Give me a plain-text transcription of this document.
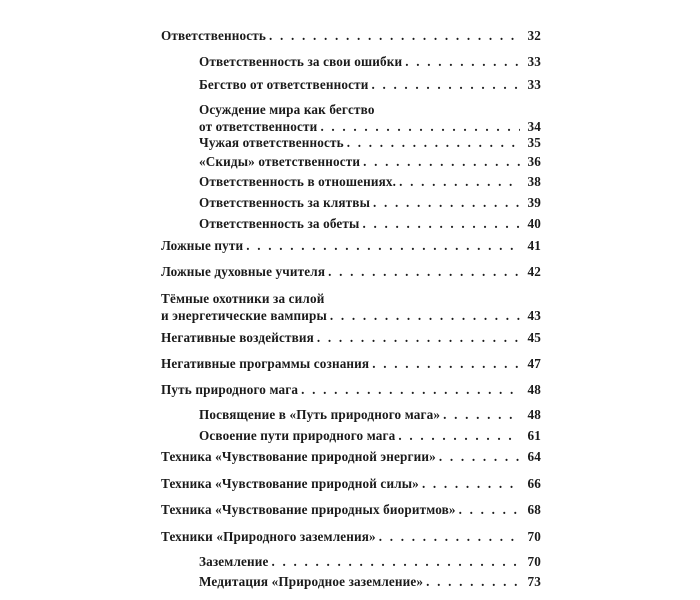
Ответственность . . .	32
Ответственность за свои ошибки . . .	33
Бегство от ответственности . . .	33
Осуждение мира как бегство
от ответственности . . .	34
Чужая ответственность . . .	35
«Скиды» ответственности . . .	36
Ответственность в отношениях. . . .	38
Ответственность за клятвы . . .	39
Ответственность за обеты . . .	40
Ложные пути . . .	41
Ложные духовные учителя . . .	42
Тёмные охотники за силой
и энергетические вампиры . . .	43
Негативные воздействия . . .	45
Негативные программы сознания . . .	47
Путь природного мага . . .	48
Посвящение в «Путь природного мага» . . .	48
Освоение пути природного мага . . .	61
Техника «Чувствование природной энергии» . . .	64
Техника «Чувствование природной силы» . . .	66
Техника «Чувствование природных биоритмов» . . .	68
Техники «Природного заземления» . . .	70
Заземление . . .	70
Медитация «Природное заземление» . . .	73
